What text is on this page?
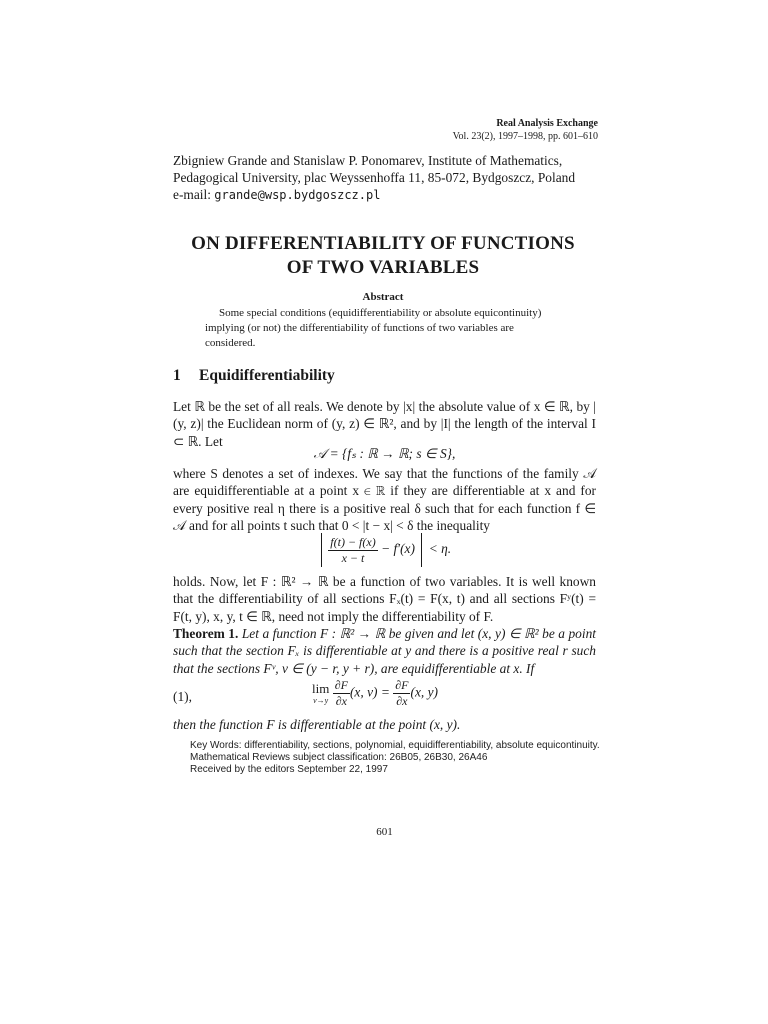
Real Analysis Exchange
Vol. 23(2), 1997–1998, pp. 601–610
Zbigniew Grande and Stanislaw P. Ponomarev, Institute of Mathematics,
Pedagogical University, plac Weyssenhoffa 11, 85-072, Bydgoszcz, Poland
e-mail: grande@wsp.bydgoszcz.pl
ON DIFFERENTIABILITY OF FUNCTIONS
OF TWO VARIABLES
Abstract
Some special conditions (equidifferentiability or absolute equicontinuity) implying (or not) the differentiability of functions of two variables are considered.
1 Equidifferentiability
Let ℝ be the set of all reals. We denote by |x| the absolute value of x ∈ ℝ, by |(y, z)| the Euclidean norm of (y, z) ∈ ℝ², and by |I| the length of the interval I ⊂ ℝ. Let
𝒜 = {fₛ : ℝ → ℝ; s ∈ S},
where S denotes a set of indexes. We say that the functions of the family 𝒜 are equidifferentiable at a point x ∈ ℝ if they are differentiable at x and for every positive real η there is a positive real δ such that for each function f ∈ 𝒜 and for all points t such that 0 < |t − x| < δ the inequality

$\frac{f(t) - f(x)}{x - t} - f'(x) < \eta$.
holds. Now, let F : ℝ² → ℝ be a function of two variables. It is well known that the differentiability of all sections Fₓ(t) = F(x, t) and all sections Fʸ(t) = F(t, y), x, y, t ∈ ℝ, need not imply the differentiability of F.
Theorem 1. Let a function F : ℝ² → ℝ be given and let (x, y) ∈ ℝ² be a point such that the section Fₓ is differentiable at y and there is a positive real r such that the sections Fᵛ, v ∈ (y − r, y + r), are equidifferentiable at x. If
(1),
lim
v→y
$\frac{\partial F}{\partial x} (x$, $v) = \frac{\partial F}{\partial x} (x$, y)
then the function F is differentiable at the point (x, y).
Key Words: differentiability, sections, polynomial, equidifferentiability, absolute equicontinuity.
Mathematical Reviews subject classification: 26B05, 26B30, 26A46
Received by the editors September 22, 1997
601
